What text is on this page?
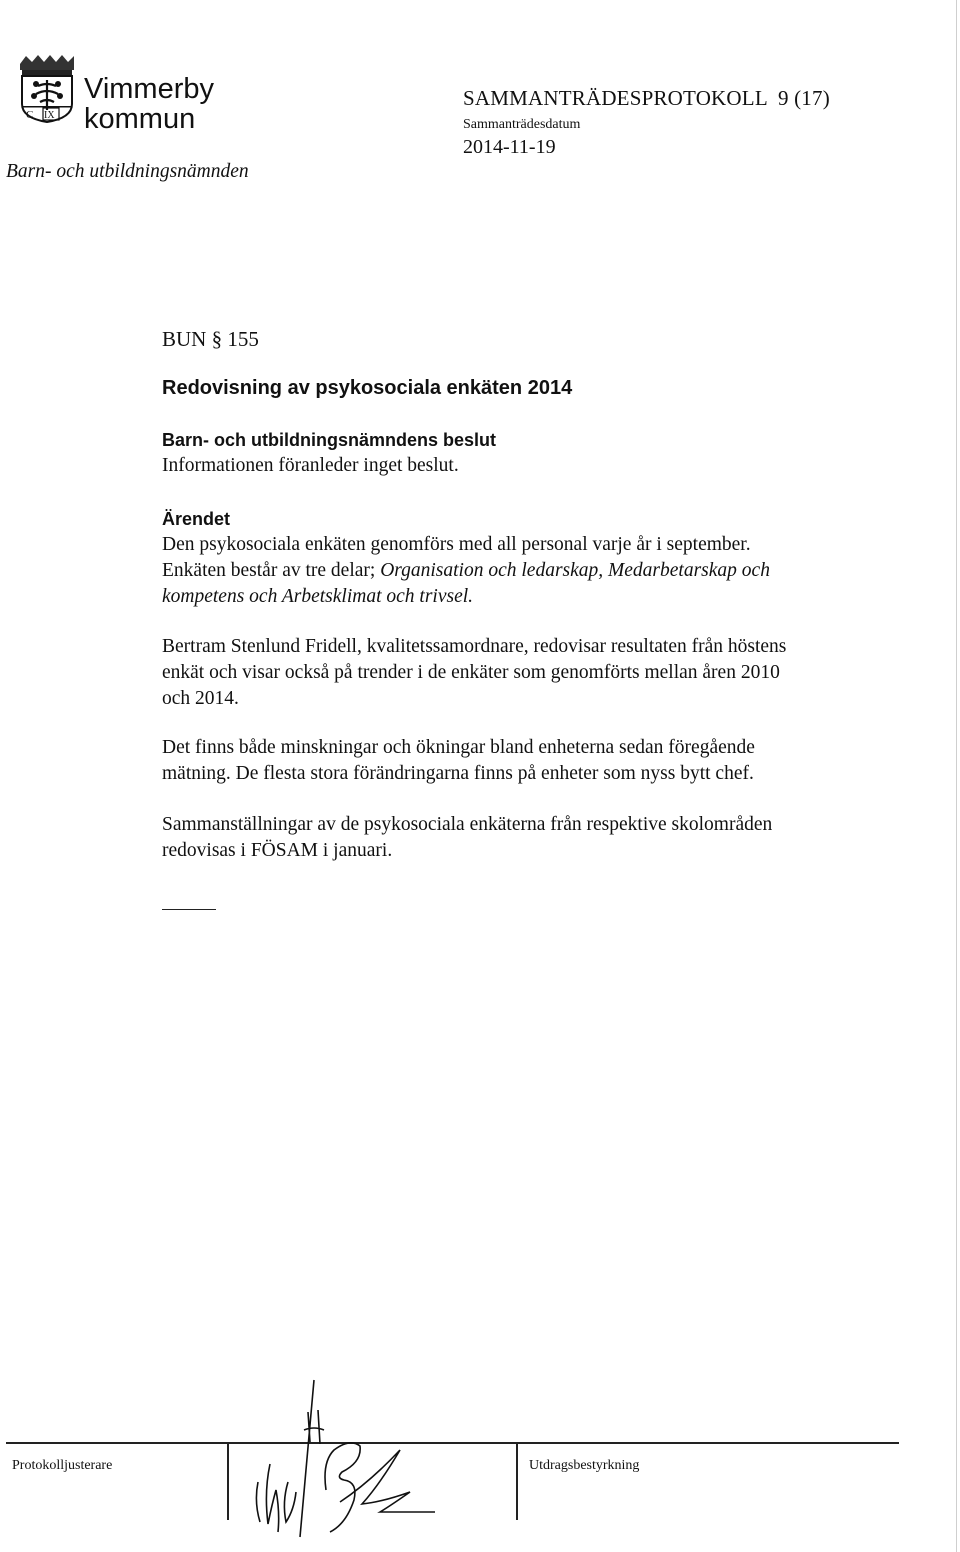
C IX
Vimmerby
kommun
Barn- och utbildningsnämnden
SAMMANTRÄDESPROTOKOLL  9 (17)
Sammanträdesdatum
2014-11-19
BUN § 155
Redovisning av psykosociala enkäten 2014
Barn- och utbildningsnämndens beslut
Informationen föranleder inget beslut.
Ärendet
Den psykosociala enkäten genomförs med all personal varje år i september.
Enkäten består av tre delar; Organisation och ledarskap, Medarbetarskap och
kompetens och Arbetsklimat och trivsel.
Bertram Stenlund Fridell, kvalitetssamordnare, redovisar resultaten från höstens
enkät och visar också på trender i de enkäter som genomförts mellan åren 2010
och 2014.
Det finns både minskningar och ökningar bland enheterna sedan föregående
mätning. De flesta stora förändringarna finns på enheter som nyss bytt chef.
Sammanställningar av de psykosociala enkäterna från respektive skolområden
redovisas i FÖSAM i januari.
Protokolljusterare	Utdragsbestyrkning
